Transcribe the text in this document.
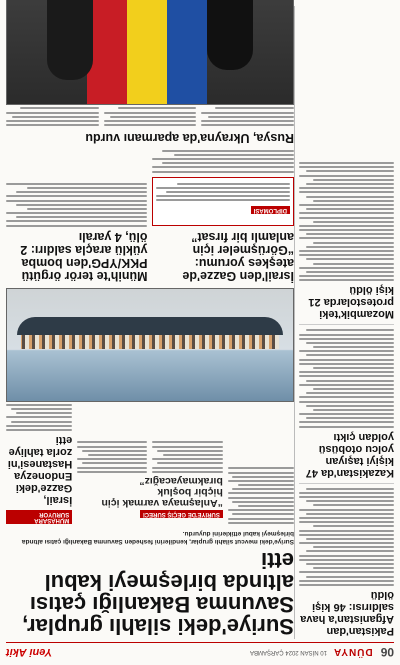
06
DÜNYA
10 NİSAN 2024 ÇARŞAMBA
Yeni Akit
Pakistan'dan Afganistan'a hava saldırısı: 46 kişi öldü
Kazakistan'da 47 kişiyi taşıyan yolcu otobüsü yoldan çıktı
Mozambik'teki protestolarda 21 kişi öldü
Suriye'deki silahlı gruplar, Savunma Bakanlığı çatısı altında birleşmeyi kabul etti
Suriye'deki mevcut silahlı gruplar, kendilerini fesheden Savunma Bakanlığı çatısı altında birleşmeyi kabul ettiklerini duyurdu.
SURİYE'DE GEÇİŞ SÜRECİ
“Anlaşmaya varmak için hiçbir boşluk bırakmayacağız”
MUHASARA SÜRÜYOR
İsrail, Gazze'deki Endonezya Hastanesi'ni zorla tahliye etti
İsrail'den Gazze'de ateşkes yorumu: “Görüşmeler için anlamlı bir fırsat”
DİPLOMASİ
Münih'te terör örgütü PKK/YPG'den bomba yüklü araçla saldırı: 2 ölü, 4 yaralı
Rusya, Ukrayna'da aparmanı vurdu
